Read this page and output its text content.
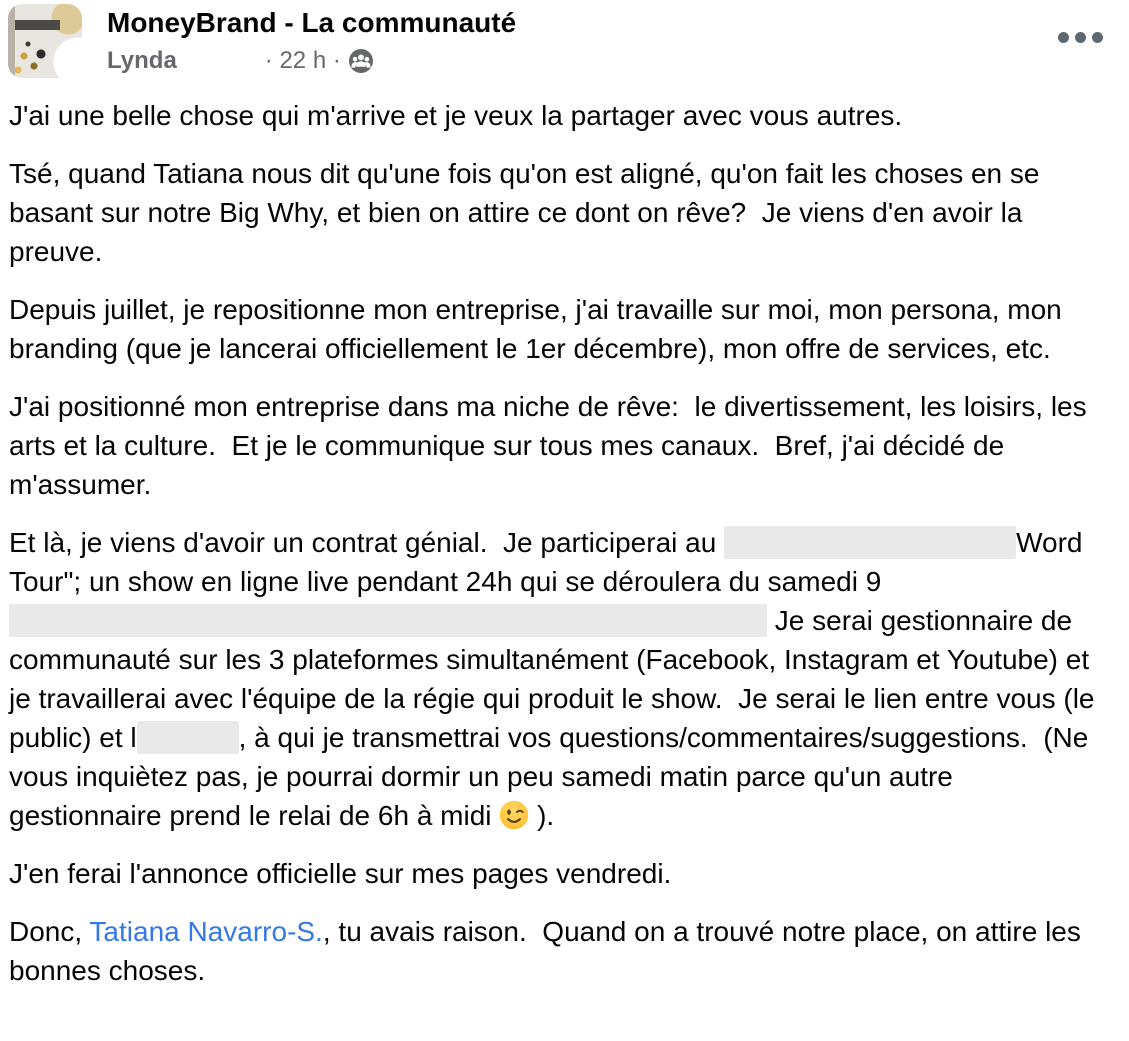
MoneyBrand - La communauté
Lynda	· 22 h ·

J'ai une belle chose qui m'arrive et je veux la partager avec vous autres.

Tsé, quand Tatiana nous dit qu'une fois qu'on est aligné, qu'on fait les choses en se basant sur notre Big Why, et bien on attire ce dont on rêve?  Je viens d'en avoir la preuve.

Depuis juillet, je repositionne mon entreprise, j'ai travaille sur moi, mon persona, mon branding (que je lancerai officiellement le 1er décembre), mon offre de services, etc.

J'ai positionné mon entreprise dans ma niche de rêve:  le divertissement, les loisirs, les arts et la culture.  Et je le communique sur tous mes canaux.  Bref, j'ai décidé de m'assumer.

Et là, je viens d'avoir un contrat génial.  Je participerai au	Word Tour"; un show en ligne live pendant 24h qui se déroulera du samedi 9  Je serai gestionnaire de communauté sur les 3 plateformes simultanément (Facebook, Instagram et Youtube) et je travaillerai avec l'équipe de la régie qui produit le show.  Je serai le lien entre vous (le public) et l	, à qui je transmettrai vos questions/commentaires/suggestions.  (Ne vous inquiètez pas, je pourrai dormir un peu samedi matin parce qu'un autre gestionnaire prend le relai de 6h à midi  ).

J'en ferai l'annonce officielle sur mes pages vendredi.

Donc, Tatiana Navarro-S., tu avais raison.  Quand on a trouvé notre place, on attire les bonnes choses.
